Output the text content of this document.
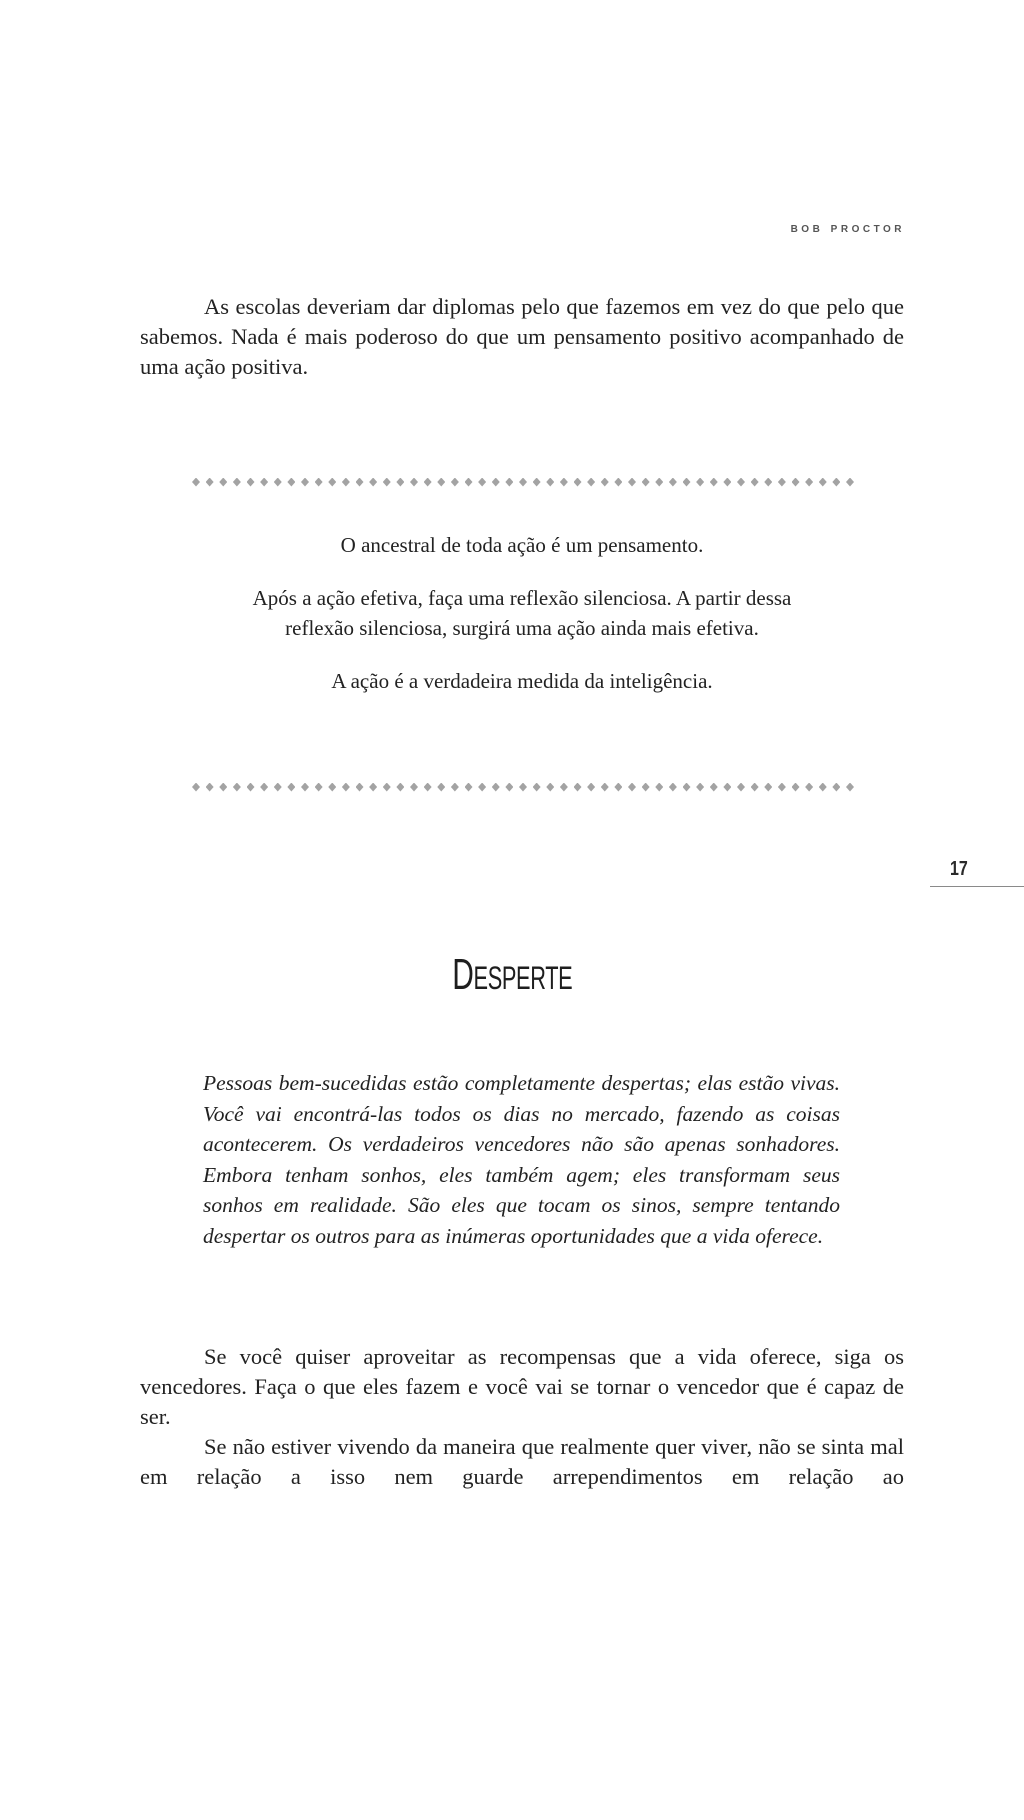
bob proctor

As escolas deveriam dar diplomas pelo que fazemos em vez do que pelo que sabemos. Nada é mais poderoso do que um pensamento positivo acompanhado de uma ação positiva.

O ancestral de toda ação é um pensamento.

Após a ação efetiva, faça uma reflexão silenciosa. A partir dessa reflexão silenciosa, surgirá uma ação ainda mais efetiva.

A ação é a verdadeira medida da inteligência.

17
DESPERTE

Pessoas bem-sucedidas estão completamente despertas; elas estão vivas. Você vai encontrá-las todos os dias no mercado, fazendo as coisas acontecerem. Os verdadeiros vencedores não são apenas sonhadores. Embora tenham sonhos, eles também agem; eles transformam seus sonhos em realidade. São eles que tocam os sinos, sempre tentando despertar os outros para as inúmeras oportunidades que a vida oferece.

Se você quiser aproveitar as recompensas que a vida oferece, siga os vencedores. Faça o que eles fazem e você vai se tornar o vencedor que é capaz de ser.

Se não estiver vivendo da maneira que realmente quer viver, não se sinta mal em relação a isso nem guarde arrependimentos em relação ao
